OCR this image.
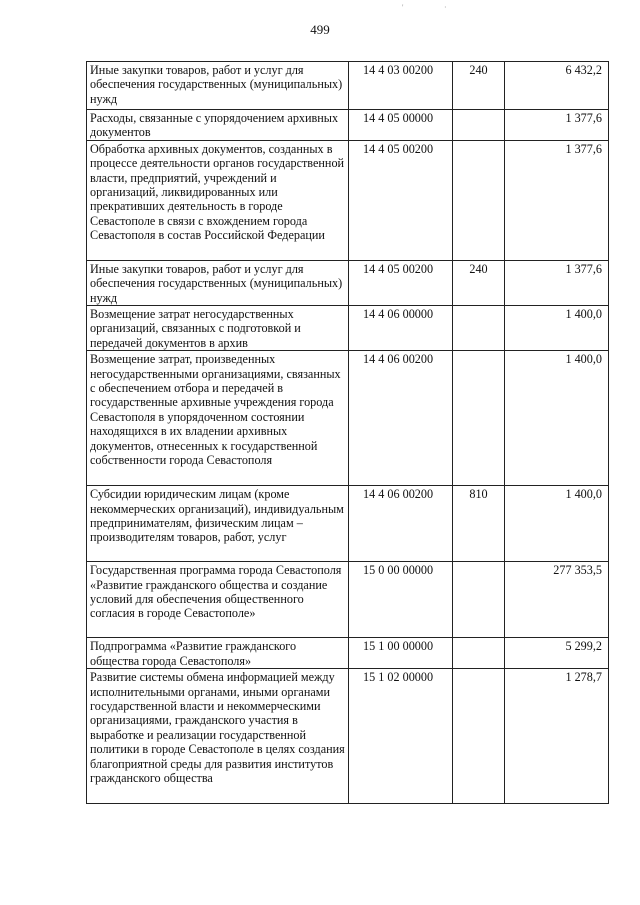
'	·
499
Иные закупки товаров, работ и услуг для обеспечения государственных (муниципальных) нужд	14 4 03 00200	240	6 432,2
Расходы, связанные с упорядочением архивных документов	14 4 05 00000		1 377,6
Обработка архивных документов, созданных в процессе деятельности органов государственной власти, предприятий, учреждений и организаций, ликвидированных или прекративших деятельность в городе Севастополе в связи с вхождением города Севастополя в состав Российской Федерации	14 4 05 00200		1 377,6
Иные закупки товаров, работ и услуг для обеспечения государственных (муниципальных) нужд	14 4 05 00200	240	1 377,6
Возмещение затрат негосударственных организаций, связанных с подготовкой и передачей документов в архив	14 4 06 00000		1 400,0
Возмещение затрат, произведенных негосударственными организациями, связанных с обеспечением отбора и передачей в государственные архивные учреждения города Севастополя в упорядоченном состоянии находящихся в их владении архивных документов, отнесенных к государственной собственности города Севастополя	14 4 06 00200		1 400,0
Субсидии юридическим лицам (кроме некоммерческих организаций), индивидуальным предпринимателям, физическим лицам – производителям товаров, работ, услуг	14 4 06 00200	810	1 400,0
Государственная программа города Севастополя «Развитие гражданского общества и создание условий для обеспечения общественного согласия в городе Севастополе»	15 0 00 00000		277 353,5
Подпрограмма «Развитие гражданского общества города Севастополя»	15 1 00 00000		5 299,2
Развитие системы обмена информацией между исполнительными органами, иными органами государственной власти и некоммерческими организациями, гражданского участия в выработке и реализации государственной политики в городе Севастополе в целях создания благоприятной среды для развития институтов гражданского общества	15 1 02 00000		1 278,7
